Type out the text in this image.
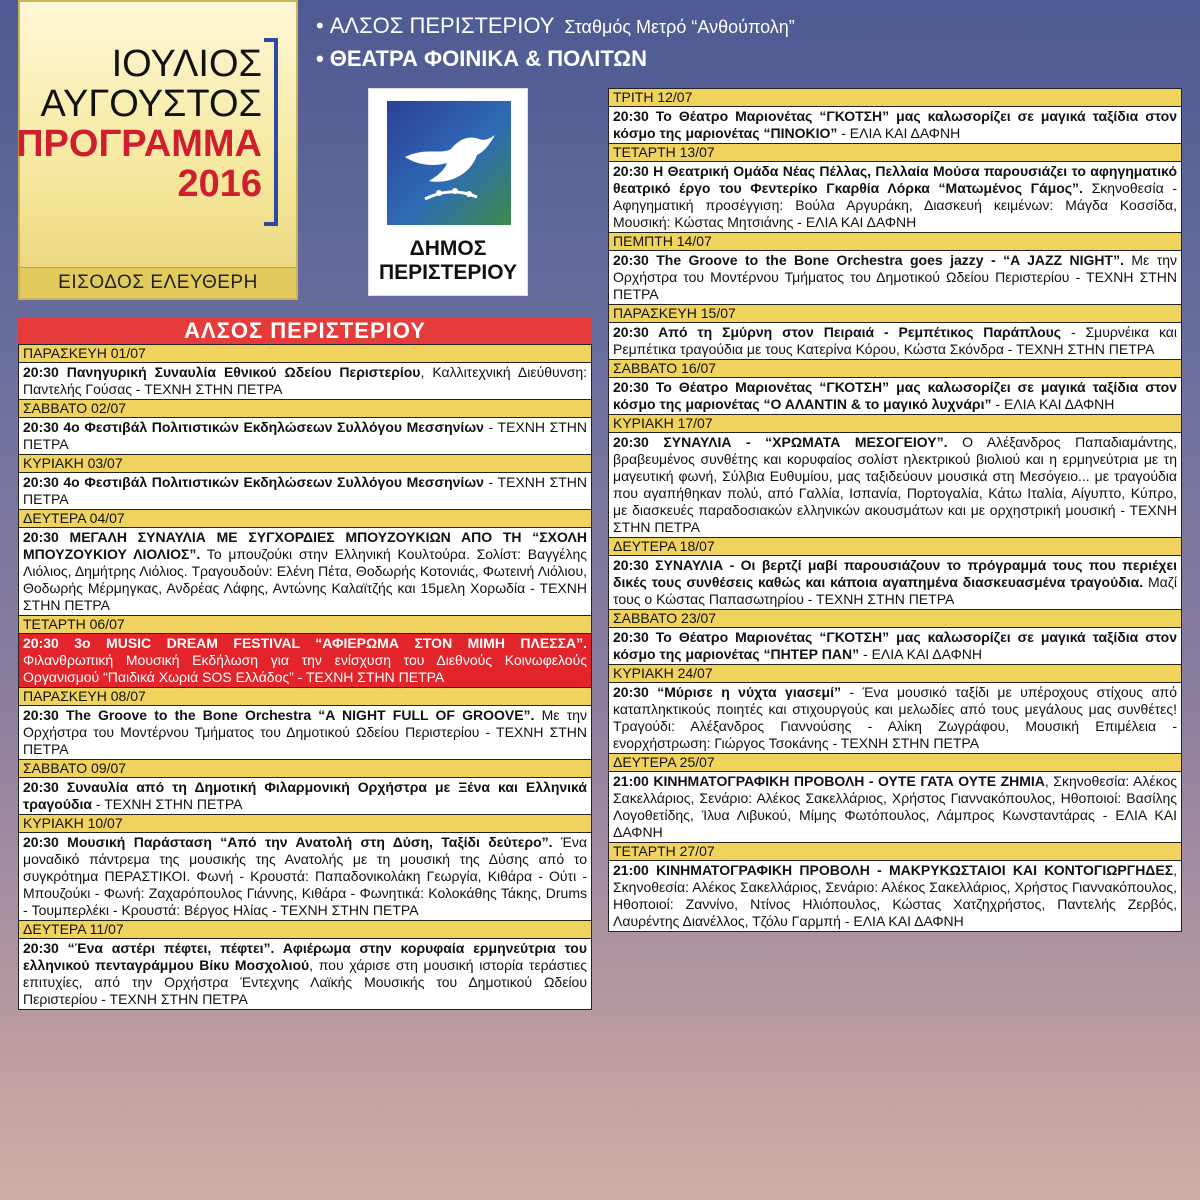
ΙΟΥΛΙΟΣ
ΑΥΓΟΥΣΤΟΣ
ΠΡΟΓΡΑΜΜΑ
2016
ΕΙΣΟΔΟΣ ΕΛΕΥΘΕΡΗ
• ΑΛΣΟΣ ΠΕΡΙΣΤΕΡΙΟΥ Σταθμός Μετρό “Ανθούπολη”
• ΘΕΑΤΡΑ ΦΟΙΝΙΚΑ & ΠΟΛΙΤΩΝ
ΔΗΜΟΣ
ΠΕΡΙΣΤΕΡΙΟΥ
ΑΛΣΟΣ ΠΕΡΙΣΤΕΡΙΟΥ
ΠΑΡΑΣΚΕΥΗ 01/07
20:30 Πανηγυρική Συναυλία Εθνικού Ωδείου Περιστερίου, Καλλιτεχνική Διεύθυνση: Παντελής Γούσας - ΤΕΧΝΗ ΣΤΗΝ ΠΕΤΡΑ
ΣΑΒΒΑΤΟ 02/07
20:30 4ο Φεστιβάλ Πολιτιστικών Εκδηλώσεων Συλλόγου Μεσσηνίων - ΤΕΧΝΗ ΣΤΗΝ ΠΕΤΡΑ
ΚΥΡΙΑΚΗ 03/07
20:30 4ο Φεστιβάλ Πολιτιστικών Εκδηλώσεων Συλλόγου Μεσσηνίων - ΤΕΧΝΗ ΣΤΗΝ ΠΕΤΡΑ
ΔΕΥΤΕΡΑ 04/07
20:30 ΜΕΓΑΛΗ ΣΥΝΑΥΛΙΑ ΜΕ ΣΥΓΧΟΡΔΙΕΣ ΜΠΟΥΖΟΥΚΙΩΝ ΑΠΟ ΤΗ “ΣΧΟΛΗ ΜΠΟΥΖΟΥΚΙΟΥ ΛΙΟΛΙΟΣ”. Το μπουζούκι στην Ελληνική Κουλτούρα. Σολίστ: Βαγγέλης Λιόλιος, Δημήτρης Λιόλιος. Τραγουδούν: Ελένη Πέτα, Θοδωρής Κοτονιάς, Φωτεινή Λιόλιου, Θοδωρής Μέρμηγκας, Ανδρέας Λάφης, Αντώνης Καλαϊτζής και 15μελη Χορωδία - ΤΕΧΝΗ ΣΤΗΝ ΠΕΤΡΑ
ΤΕΤΑΡΤΗ 06/07
20:30 3ο MUSIC DREAM FESTIVAL “ΑΦΙΕΡΩΜΑ ΣΤΟΝ ΜΙΜΗ ΠΛΕΣΣΑ”. Φιλανθρωπική Μουσική Εκδήλωση για την ενίσχυση του Διεθνούς Κοινωφελούς Οργανισμού “Παιδικά Χωριά SOS Ελλάδος” - ΤΕΧΝΗ ΣΤΗΝ ΠΕΤΡΑ
ΠΑΡΑΣΚΕΥΗ 08/07
20:30 The Groove to the Bone Orchestra “A NIGHT FULL OF GROOVE”. Με την Ορχήστρα του Μοντέρνου Τμήματος του Δημοτικού Ωδείου Περιστερίου - ΤΕΧΝΗ ΣΤΗΝ ΠΕΤΡΑ
ΣΑΒΒΑΤΟ 09/07
20:30 Συναυλία από τη Δημοτική Φιλαρμονική Ορχήστρα με Ξένα και Ελληνικά τραγούδια - ΤΕΧΝΗ ΣΤΗΝ ΠΕΤΡΑ
ΚΥΡΙΑΚΗ 10/07
20:30 Μουσική Παράσταση “Από την Ανατολή στη Δύση, Ταξίδι δεύτερο”. Ένα μοναδικό πάντρεμα της μουσικής της Ανατολής με τη μουσική της Δύσης από το συγκρότημα ΠΕΡΑΣΤΙΚΟΙ. Φωνή - Κρουστά: Παπαδονικολάκη Γεωργία, Κιθάρα - Ούτι - Μπουζούκι - Φωνή: Ζαχαρόπουλος Γιάννης, Κιθάρα - Φωνητικά: Κολοκάθης Τάκης, Drums - Τουμπερλέκι - Κρουστά: Βέργος Ηλίας - ΤΕΧΝΗ ΣΤΗΝ ΠΕΤΡΑ
ΔΕΥΤΕΡΑ 11/07
20:30 “Ένα αστέρι πέφτει, πέφτει”. Αφιέρωμα στην κορυφαία ερμηνεύτρια του ελληνικού πενταγράμμου Βίκυ Μοσχολιού, που χάρισε στη μουσική ιστορία τεράστιες επιτυχίες, από την Ορχήστρα Έντεχνης Λαϊκής Μουσικής του Δημοτικού Ωδείου Περιστερίου - ΤΕΧΝΗ ΣΤΗΝ ΠΕΤΡΑ
ΤΡΙΤΗ 12/07
20:30 Το Θέατρο Μαριονέτας “ΓΚΟΤΣΗ” μας καλωσορίζει σε μαγικά ταξίδια στον κόσμο της μαριονέτας “ΠΙΝΟΚΙΟ” - ΕΛΙΑ ΚΑΙ ΔΑΦΝΗ
ΤΕΤΑΡΤΗ 13/07
20:30 Η Θεατρική Ομάδα Νέας Πέλλας, Πελλαία Μούσα παρουσιάζει το αφηγηματικό θεατρικό έργο του Φεντερίκο Γκαρθία Λόρκα “Ματωμένος Γάμος”. Σκηνοθεσία - Αφηγηματική προσέγγιση: Βούλα Αργυράκη, Διασκευή κειμένων: Μάγδα Κοσσίδα, Μουσική: Κώστας Μητσιάνης - ΕΛΙΑ ΚΑΙ ΔΑΦΝΗ
ΠΕΜΠΤΗ 14/07
20:30 The Groove to the Bone Orchestra goes jazzy - “A JAZZ NIGHT”. Με την Ορχήστρα του Μοντέρνου Τμήματος του Δημοτικού Ωδείου Περιστερίου - ΤΕΧΝΗ ΣΤΗΝ ΠΕΤΡΑ
ΠΑΡΑΣΚΕΥΗ 15/07
20:30 Από τη Σμύρνη στον Πειραιά - Ρεμπέτικος Παράπλους - Σμυρνέικα και Ρεμπέτικα τραγούδια με τους Κατερίνα Κόρου, Κώστα Σκόνδρα - ΤΕΧΝΗ ΣΤΗΝ ΠΕΤΡΑ
ΣΑΒΒΑΤΟ 16/07
20:30 Το Θέατρο Μαριονέτας “ΓΚΟΤΣΗ” μας καλωσορίζει σε μαγικά ταξίδια στον κόσμο της μαριονέτας “Ο ΑΛΑΝΤΙΝ & το μαγικό λυχνάρι” - ΕΛΙΑ ΚΑΙ ΔΑΦΝΗ
ΚΥΡΙΑΚΗ 17/07
20:30 ΣΥΝΑΥΛΙΑ - “ΧΡΩΜΑΤΑ ΜΕΣΟΓΕΙΟΥ”. Ο Αλέξανδρος Παπαδιαμάντης, βραβευμένος συνθέτης και κορυφαίος σολίστ ηλεκτρικού βιολιού και η ερμηνεύτρια με τη μαγευτική φωνή, Σύλβια Ευθυμίου, μας ταξιδεύουν μουσικά στη Μεσόγειο... με τραγούδια που αγαπήθηκαν πολύ, από Γαλλία, Ισπανία, Πορτογαλία, Κάτω Ιταλία, Αίγυπτο, Κύπρο, με διασκευές παραδοσιακών ελληνικών ακουσμάτων και με ορχηστρική μουσική - ΤΕΧΝΗ ΣΤΗΝ ΠΕΤΡΑ
ΔΕΥΤΕΡΑ 18/07
20:30 ΣΥΝΑΥΛΙΑ - Οι βερτζί μαβί παρουσιάζουν το πρόγραμμά τους που περιέχει δικές τους συνθέσεις καθώς και κάποια αγαπημένα διασκευασμένα τραγούδια. Μαζί τους ο Κώστας Παπασωτηρίου - ΤΕΧΝΗ ΣΤΗΝ ΠΕΤΡΑ
ΣΑΒΒΑΤΟ 23/07
20:30 Το Θέατρο Μαριονέτας “ΓΚΟΤΣΗ” μας καλωσορίζει σε μαγικά ταξίδια στον κόσμο της μαριονέτας “ΠΗΤΕΡ ΠΑΝ” - ΕΛΙΑ ΚΑΙ ΔΑΦΝΗ
ΚΥΡΙΑΚΗ 24/07
20:30 “Μύρισε η νύχτα γιασεμί” - Ένα μουσικό ταξίδι με υπέροχους στίχους από καταπληκτικούς ποιητές και στιχουργούς και μελωδίες από τους μεγάλους μας συνθέτες! Τραγούδι: Αλέξανδρος Γιαννούσης - Αλίκη Ζωγράφου, Μουσική Επιμέλεια - ενορχήστρωση: Γιώργος Τσοκάνης - ΤΕΧΝΗ ΣΤΗΝ ΠΕΤΡΑ
ΔΕΥΤΕΡΑ 25/07
21:00 ΚΙΝΗΜΑΤΟΓΡΑΦΙΚΗ ΠΡΟΒΟΛΗ - ΟΥΤΕ ΓΑΤΑ ΟΥΤΕ ΖΗΜΙΑ, Σκηνοθεσία: Αλέκος Σακελλάριος, Σενάριο: Αλέκος Σακελλάριος, Χρήστος Γιαννακόπουλος, Ηθοποιοί: Βασίλης Λογοθετίδης, Ίλυα Λιβυκού, Μίμης Φωτόπουλος, Λάμπρος Κωνσταντάρας - ΕΛΙΑ ΚΑΙ ΔΑΦΝΗ
ΤΕΤΑΡΤΗ 27/07
21:00 ΚΙΝΗΜΑΤΟΓΡΑΦΙΚΗ ΠΡΟΒΟΛΗ - ΜΑΚΡΥΚΩΣΤΑΙΟΙ ΚΑΙ ΚΟΝΤΟΓΙΩΡΓΗΔΕΣ, Σκηνοθεσία: Αλέκος Σακελλάριος, Σενάριο: Αλέκος Σακελλάριος, Χρήστος Γιαννακόπουλος, Ηθοποιοί: Ζαννίνο, Ντίνος Ηλιόπουλος, Κώστας Χατζηχρήστος, Παντελής Ζερβός, Λαυρέντης Διανέλλος, Τζόλυ Γαρμπή - ΕΛΙΑ ΚΑΙ ΔΑΦΝΗ
